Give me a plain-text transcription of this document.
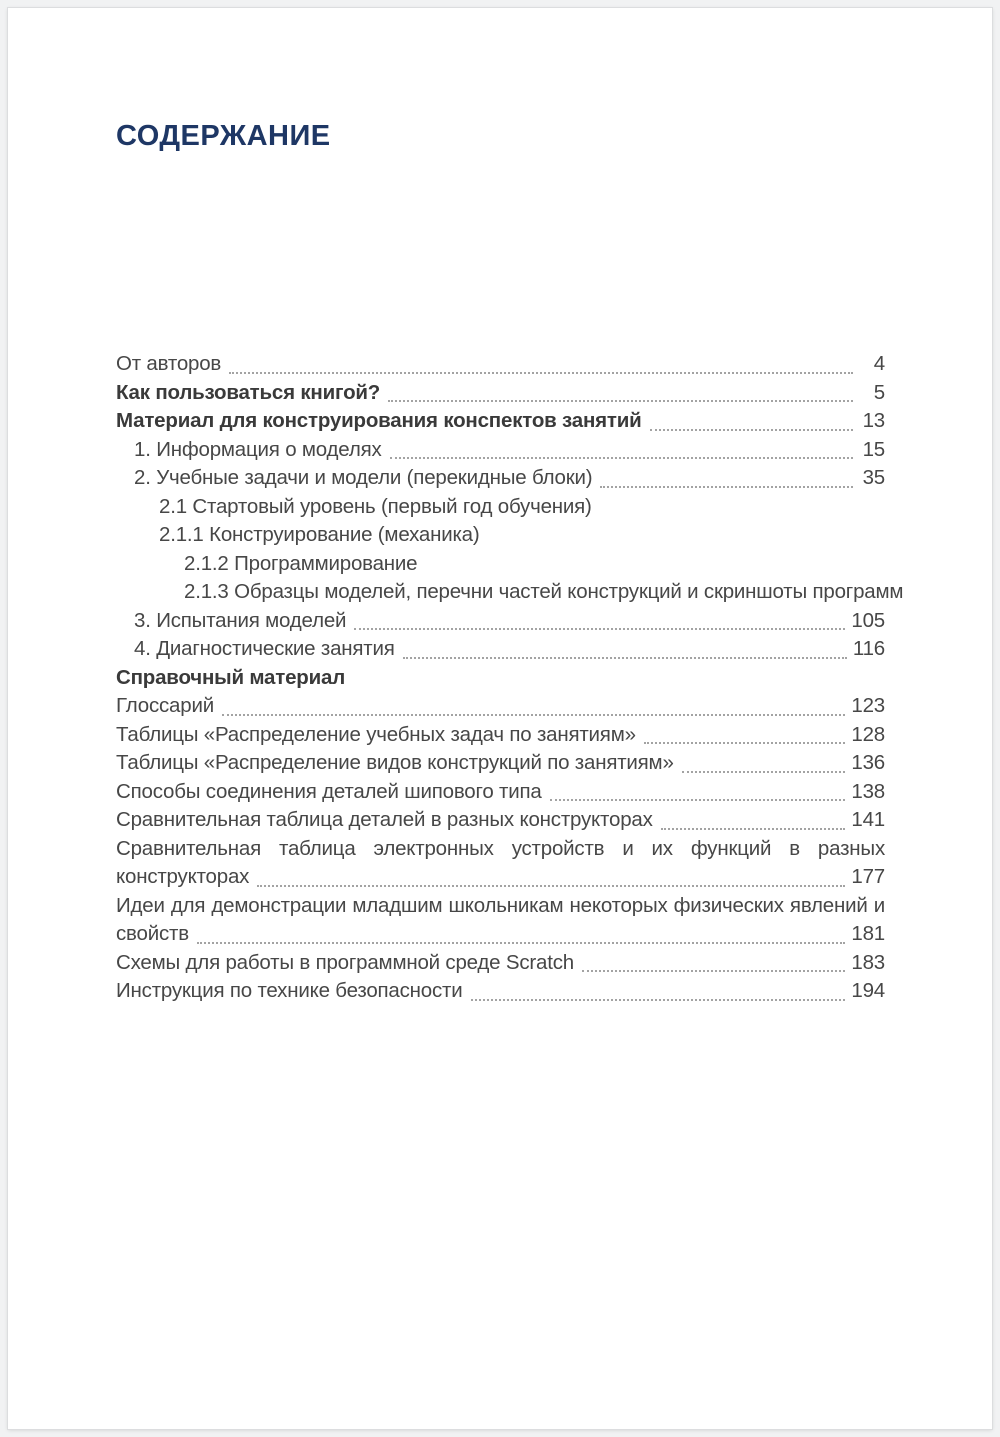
СОДЕРЖАНИЕ
От авторов	4
Как пользоваться книгой?	5
Материал для конструирования конспектов занятий	13
1. Информация о моделях	15
2. Учебные задачи и модели (перекидные блоки)	35
2.1 Стартовый уровень (первый год обучения)
2.1.1 Конструирование (механика)
2.1.2 Программирование
2.1.3 Образцы моделей, перечни частей конструкций и скриншоты программ
3. Испытания моделей	105
4. Диагностические занятия	116
Справочный материал
Глоссарий	123
Таблицы «Распределение учебных задач по занятиям»	128
Таблицы «Распределение видов конструкций по занятиям»	136
Способы соединения деталей шипового типа	138
Сравнительная таблица деталей в разных конструкторах	141
Сравнительная таблица электронных устройств и их функций в разных
конструкторах	177
Идеи для демонстрации младшим школьникам некоторых физических явлений и
свойств	181
Схемы для работы в программной среде Scratch	183
Инструкция по технике безопасности	194
